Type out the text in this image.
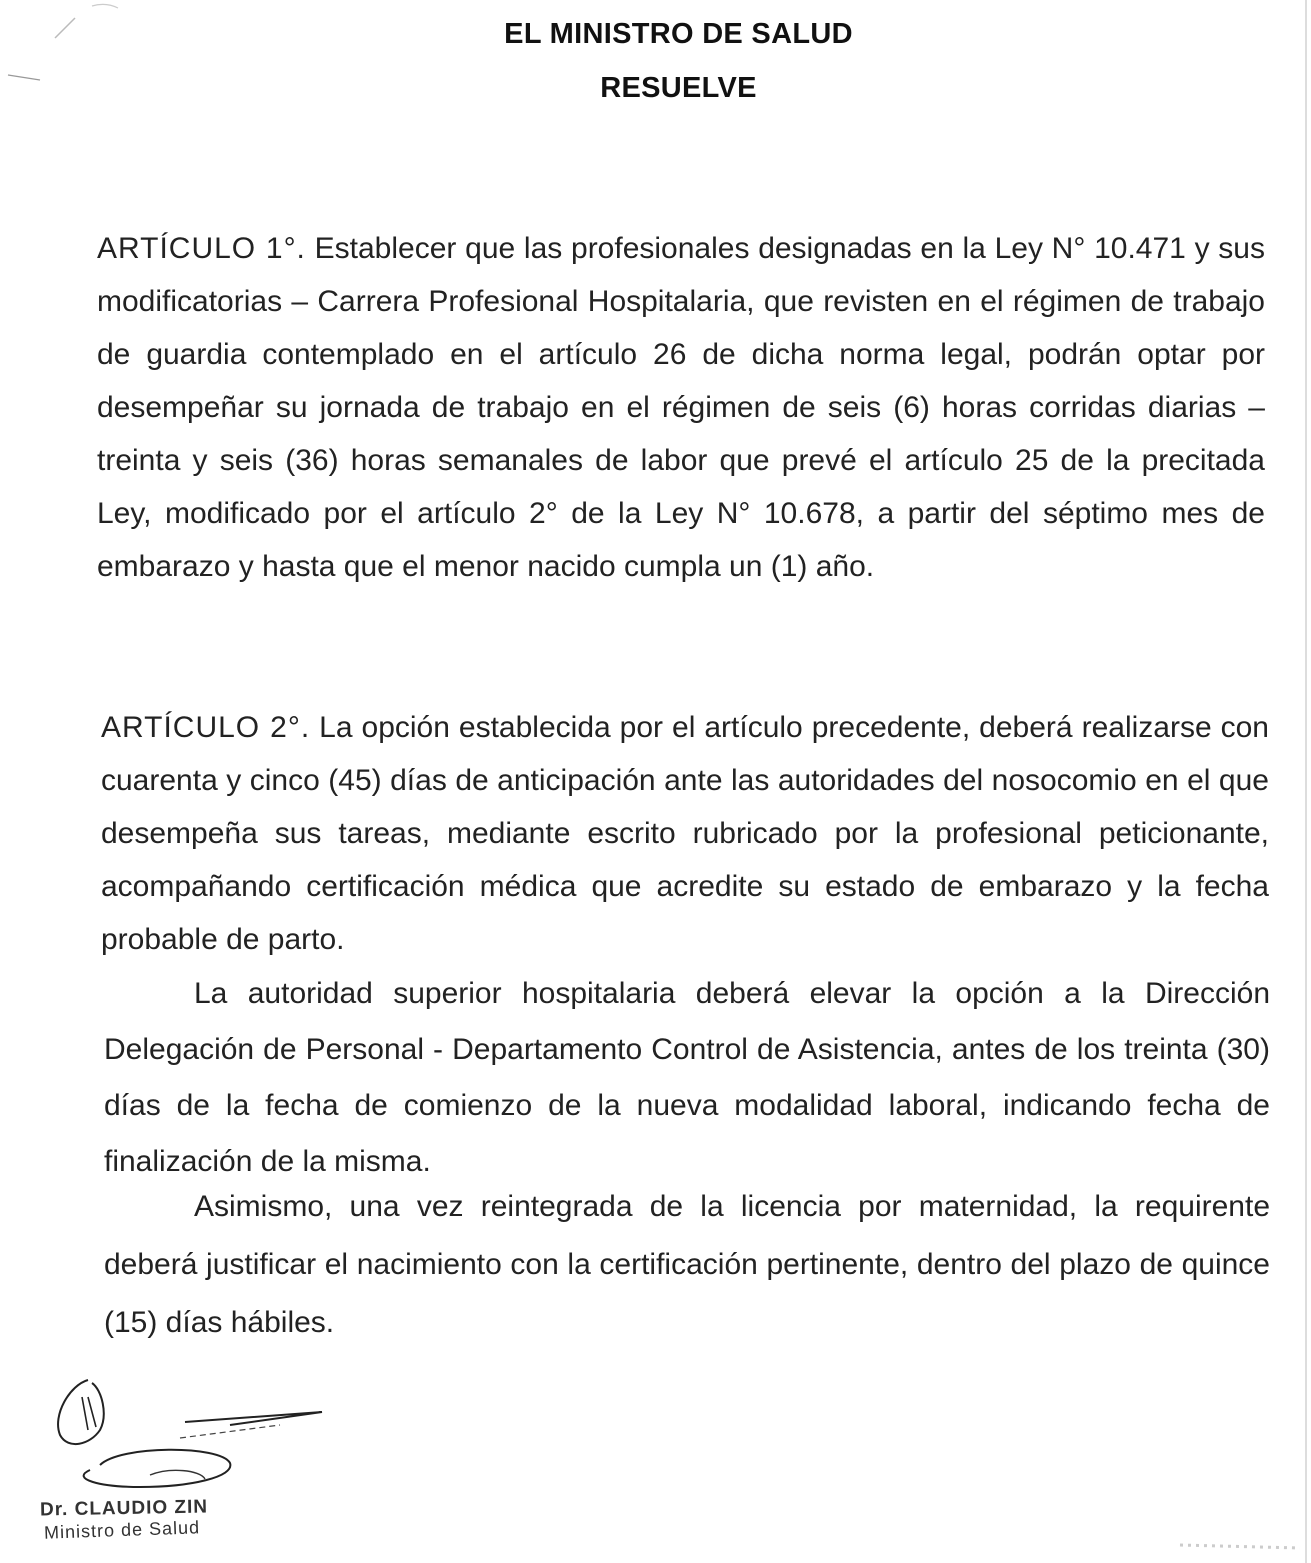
EL MINISTRO DE SALUD
RESUELVE

ARTÍCULO 1°. Establecer que las profesionales designadas en la Ley N° 10.471 y sus modificatorias – Carrera Profesional Hospitalaria, que revisten en el régimen de trabajo de guardia contemplado en el artículo 26 de dicha norma legal, podrán optar por desempeñar su jornada de trabajo en el régimen de seis (6) horas corridas diarias – treinta y seis (36) horas semanales de labor que prevé el artículo 25 de la precitada Ley, modificado por el artículo 2° de la Ley N° 10.678, a partir del séptimo mes de embarazo y hasta que el menor nacido cumpla un (1) año.

ARTÍCULO 2°. La opción establecida por el artículo precedente, deberá realizarse con cuarenta y cinco (45) días de anticipación ante las autoridades del nosocomio en el que desempeña sus tareas, mediante escrito rubricado por la profesional peticionante, acompañando certificación médica que acredite su estado de embarazo y la fecha probable de parto.

La autoridad superior hospitalaria deberá elevar la opción a la Dirección Delegación de Personal - Departamento Control de Asistencia, antes de los treinta (30) días de la fecha de comienzo de la nueva modalidad laboral, indicando fecha de finalización de la misma.

Asimismo, una vez reintegrada de la licencia por maternidad, la requirente deberá justificar el nacimiento con la certificación pertinente, dentro del plazo de quince (15) días hábiles.

Dr. CLAUDIO ZIN
Ministro de Salud
